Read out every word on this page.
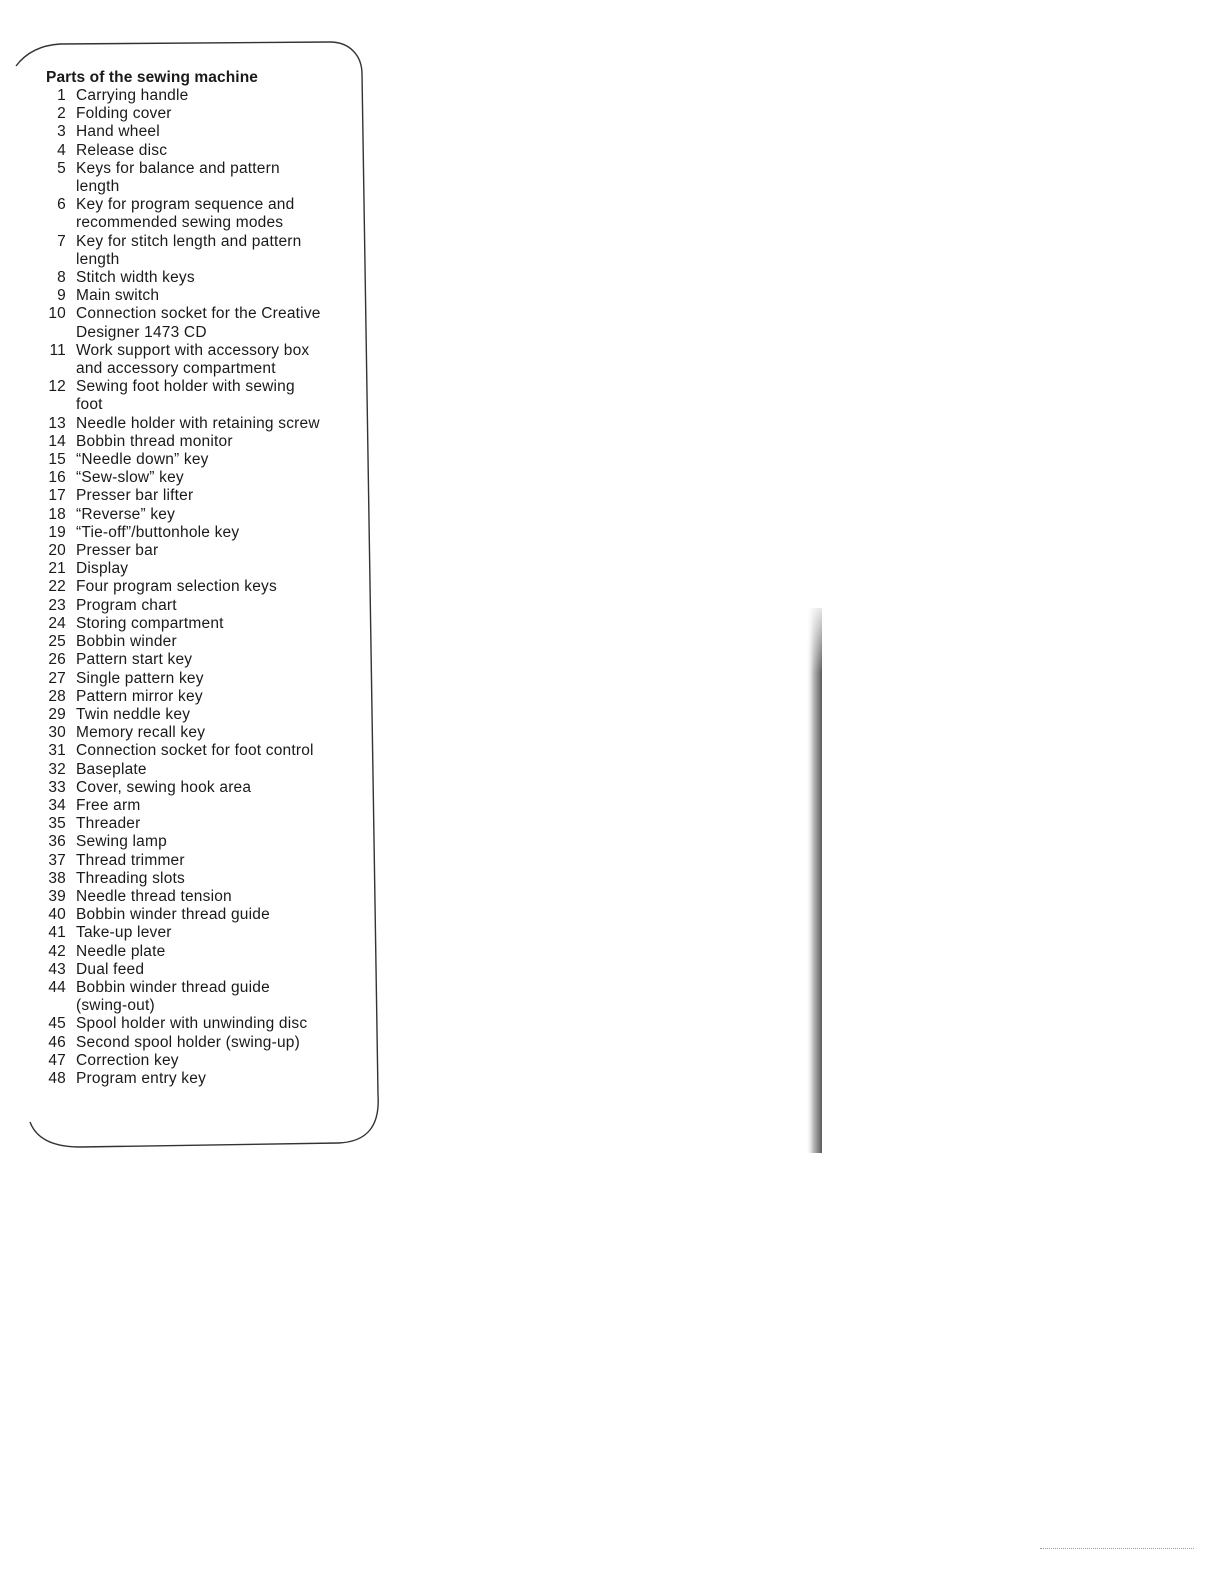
Parts of the sewing machine
1 Carrying handle
2 Folding cover
3 Hand wheel
4 Release disc
5 Keys for balance and pattern
length
6 Key for program sequence and
recommended sewing modes
7 Key for stitch length and pattern
length
8 Stitch width keys
9 Main switch
10 Connection socket for the Creative
Designer 1473 CD
11 Work support with accessory box
and accessory compartment
12 Sewing foot holder with sewing
foot
13 Needle holder with retaining screw
14 Bobbin thread monitor
15 “Needle down” key
16 “Sew-slow” key
17 Presser bar lifter
18 “Reverse” key
19 “Tie-off”/buttonhole key
20 Presser bar
21 Display
22 Four program selection keys
23 Program chart
24 Storing compartment
25 Bobbin winder
26 Pattern start key
27 Single pattern key
28 Pattern mirror key
29 Twin neddle key
30 Memory recall key
31 Connection socket for foot control
32 Baseplate
33 Cover, sewing hook area
34 Free arm
35 Threader
36 Sewing lamp
37 Thread trimmer
38 Threading slots
39 Needle thread tension
40 Bobbin winder thread guide
41 Take-up lever
42 Needle plate
43 Dual feed
44 Bobbin winder thread guide
(swing-out)
45 Spool holder with unwinding disc
46 Second spool holder (swing-up)
47 Correction key
48 Program entry key
